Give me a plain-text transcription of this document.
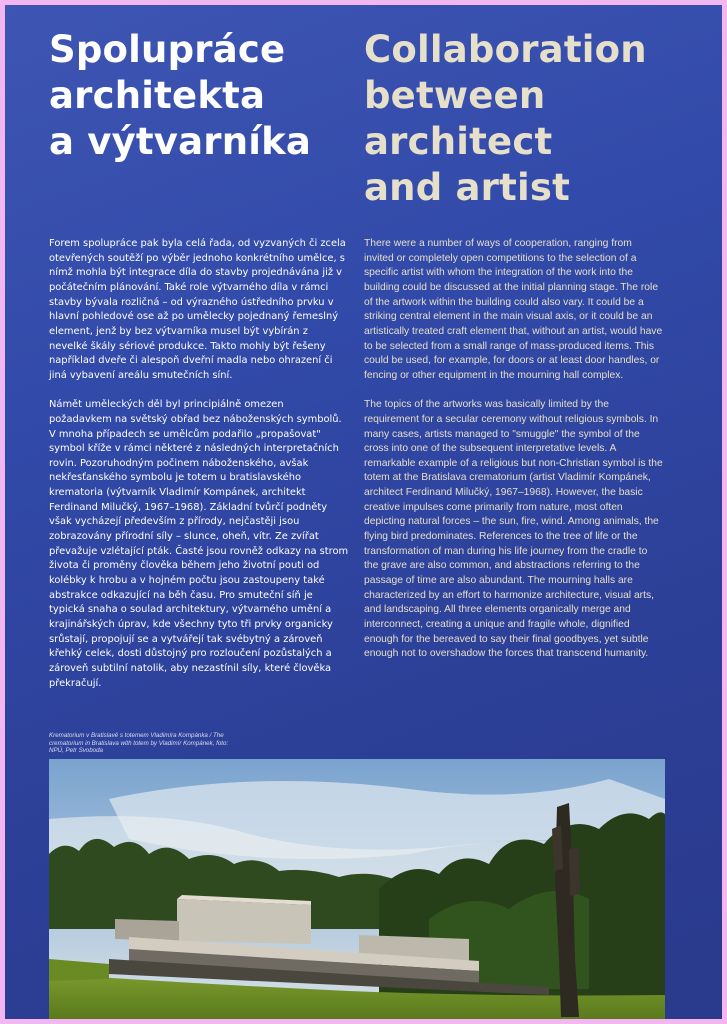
Spolupráce
architekta
a výtvarníka
Collaboration
between
architect
and artist

Forem spolupráce pak byla celá řada, od vyzvaných či zcela otevřených soutěží po výběr jednoho konkrétního umělce, s nímž mohla být integrace díla do stavby projednávána již v počátečním plánování. Také role výtvarného díla v rámci stavby bývala rozličná – od výrazného ústředního prvku v hlavní pohledové ose až po umělecky pojednaný řemeslný element, jenž by bez výtvarníka musel být vybírán z nevelké škály sériové produkce. Takto mohly být řešeny například dveře či alespoň dveřní madla nebo ohrazení či jiná vybavení areálu smutečních síní.

Námět uměleckých děl byl principiálně omezen požadavkem na světský obřad bez náboženských symbolů. V mnoha případech se umělcům podařilo „propašovat" symbol kříže v rámci některé z následných interpretačních rovin. Pozoruhodným počinem náboženského, avšak nekřesťanského symbolu je totem u bratislavského krematoria (výtvarník Vladimír Kompánek, architekt Ferdinand Milučký, 1967–1968). Základní tvůrčí podněty však vycházejí především z přírody, nejčastěji jsou zobrazovány přírodní síly – slunce, oheň, vítr. Ze zvířat převažuje vzlétající pták. Časté jsou rovněž odkazy na strom života či proměny člověka během jeho životní pouti od kolébky k hrobu a v hojném počtu jsou zastoupeny také abstrakce odkazující na běh času. Pro smuteční síň je typická snaha o soulad architektury, výtvarného umění a krajinářských úprav, kde všechny tyto tři prvky organicky srůstají, propojují se a vytvářejí tak svébytný a zároveň křehký celek, dosti důstojný pro rozloučení pozůstalých a zároveň subtilní natolik, aby nezastínil síly, které člověka překračují.

There were a number of ways of cooperation, ranging from invited or completely open competitions to the selection of a specific artist with whom the integration of the work into the building could be discussed at the initial planning stage. The role of the artwork within the building could also vary. It could be a striking central element in the main visual axis, or it could be an artistically treated craft element that, without an artist, would have to be selected from a small range of mass-produced items. This could be used, for example, for doors or at least door handles, or fencing or other equipment in the mourning hall complex.

The topics of the artworks was basically limited by the requirement for a secular ceremony without religious symbols. In many cases, artists managed to "smuggle" the symbol of the cross into one of the subsequent interpretative levels. A remarkable example of a religious but non-Christian symbol is the totem at the Bratislava crematorium (artist Vladimír Kompánek, architect Ferdinand Milučký, 1967–1968). However, the basic creative impulses come primarily from nature, most often depicting natural forces – the sun, fire, wind. Among animals, the flying bird predominates. References to the tree of life or the transformation of man during his life journey from the cradle to the grave are also common, and abstractions referring to the passage of time are also abundant. The mourning halls are characterized by an effort to harmonize architecture, visual arts, and landscaping. All three elements organically merge and interconnect, creating a unique and fragile whole, dignified enough for the bereaved to say their final goodbyes, yet subtle enough not to overshadow the forces that transcend humanity.

Krematorium v Bratislavě s totemem Vladimíra Kompánka / The crematorium in Bratislava with totem by Vladimír Kompánek, foto: NPÚ, Petr Svoboda
